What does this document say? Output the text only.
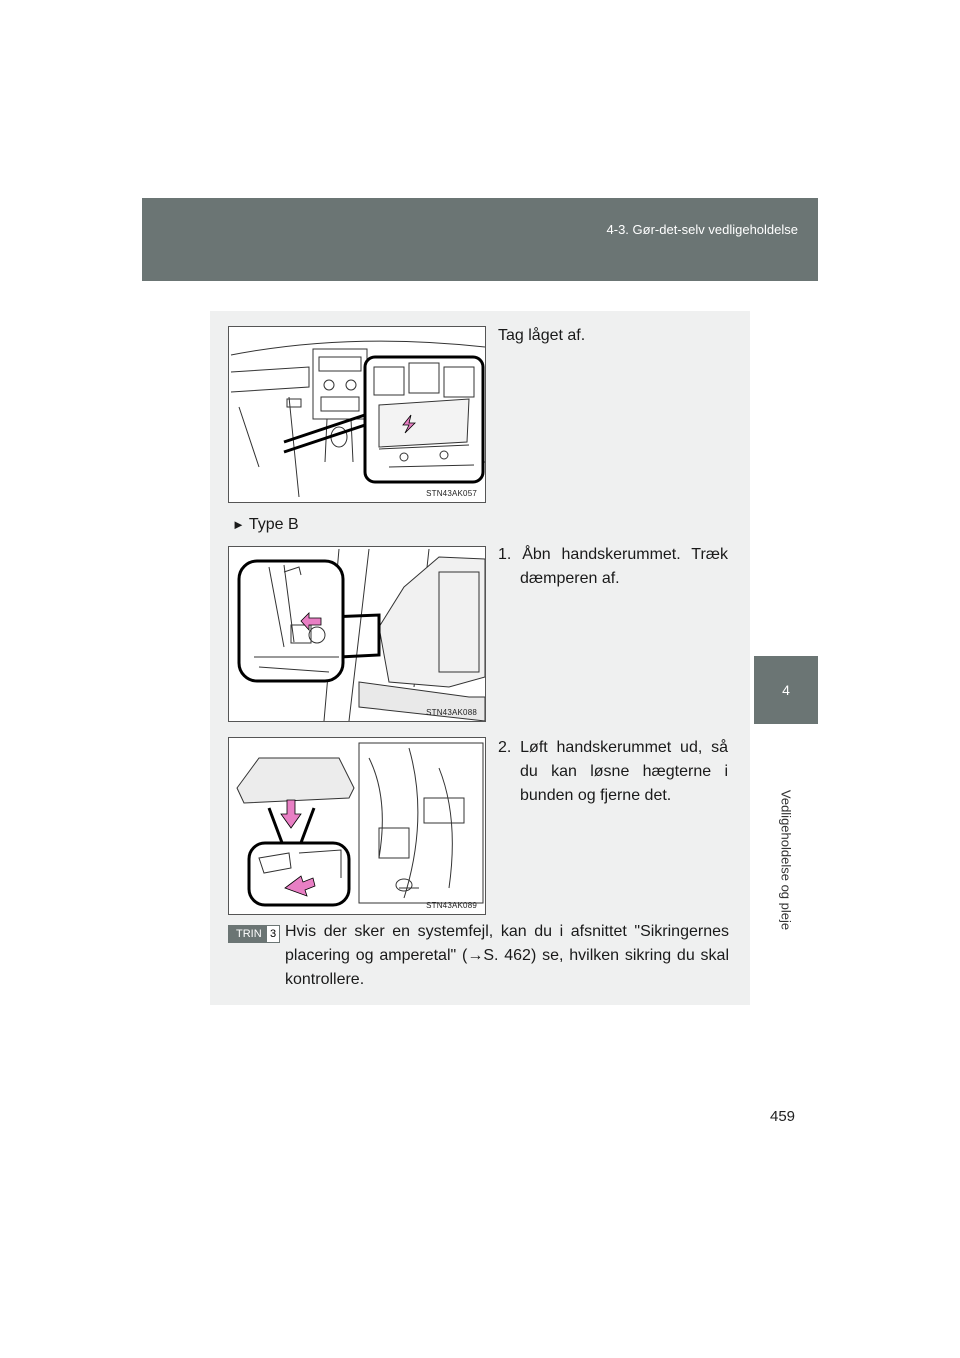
4-3. Gør-det-selv vedligeholdelse
4
Vedligeholdelse og pleje
STN43AK057
Tag låget af.
► Type B
STN43AK088
1. Åbn handskerummet. Træk dæmperen af.
STN43AK089
2. Løft handskerummet ud, så du kan løsne hægterne i bunden og fjerne det.
TRIN 3 Hvis der sker en systemfejl, kan du i afsnittet "Sikringernes placering og amperetal" (→S. 462) se, hvilken sikring du skal kontrollere.
459
